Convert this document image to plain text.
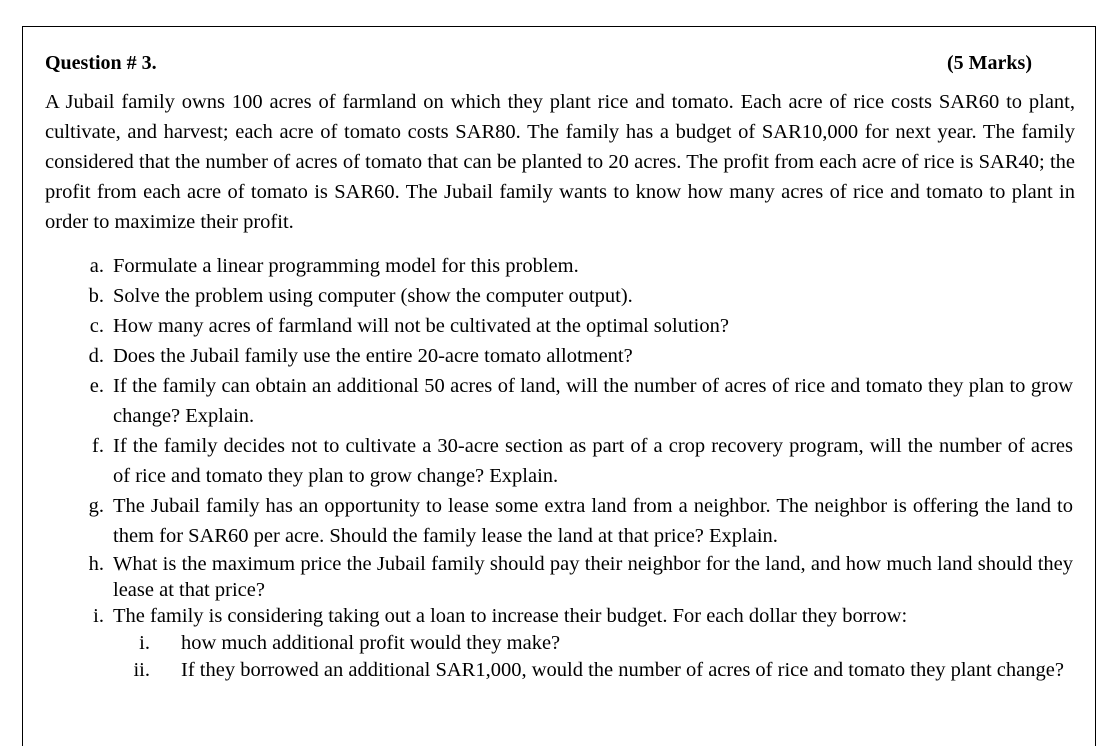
Question # 3.	(5 Marks)
A Jubail family owns 100 acres of farmland on which they plant rice and tomato. Each acre of rice costs SAR60 to plant, cultivate, and harvest; each acre of tomato costs SAR80. The family has a budget of SAR10,000 for next year. The family considered that the number of acres of tomato that can be planted to 20 acres. The profit from each acre of rice is SAR40; the profit from each acre of tomato is SAR60. The Jubail family wants to know how many acres of rice and tomato to plant in order to maximize their profit.
a. Formulate a linear programming model for this problem.
b. Solve the problem using computer (show the computer output).
c. How many acres of farmland will not be cultivated at the optimal solution?
d. Does the Jubail family use the entire 20-acre tomato allotment?
e. If the family can obtain an additional 50 acres of land, will the number of acres of rice and tomato they plan to grow change? Explain.
f. If the family decides not to cultivate a 30-acre section as part of a crop recovery program, will the number of acres of rice and tomato they plan to grow change? Explain.
g. The Jubail family has an opportunity to lease some extra land from a neighbor. The neighbor is offering the land to them for SAR60 per acre. Should the family lease the land at that price? Explain.
h. What is the maximum price the Jubail family should pay their neighbor for the land, and how much land should they lease at that price?
i. The family is considering taking out a loan to increase their budget. For each dollar they borrow:
i. how much additional profit would they make?
ii. If they borrowed an additional SAR1,000, would the number of acres of rice and tomato they plant change?
